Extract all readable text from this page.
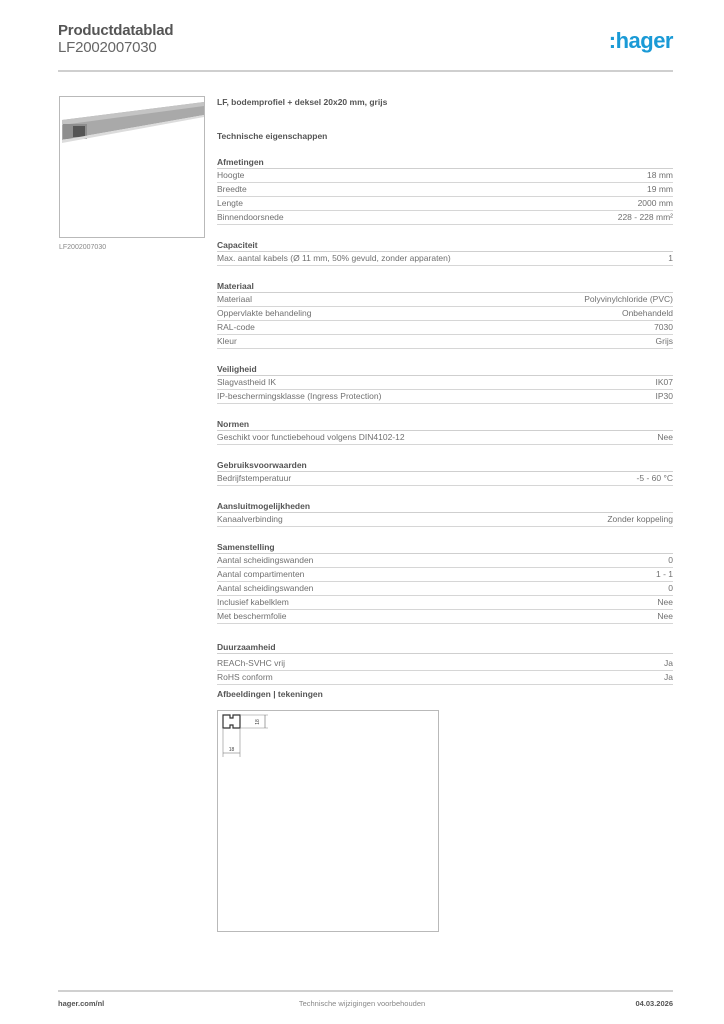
Productdatablad
LF2002007030	:hager
LF2002007030
LF, bodemprofiel + deksel 20x20 mm, grijs
Technische eigenschappen
Afmetingen
Hoogte	18 mm
Breedte	19 mm
Lengte	2000 mm
Binnendoorsnede	228 - 228 mm²
Capaciteit
Max. aantal kabels (Ø 11 mm, 50% gevuld, zonder apparaten)	1
Materiaal
Materiaal	Polyvinylchloride (PVC)
Oppervlakte behandeling	Onbehandeld
RAL-code	7030
Kleur	Grijs
Veiligheid
Slagvastheid IK	IK07
IP-beschermingsklasse (Ingress Protection)	IP30
Normen
Geschikt voor functiebehoud volgens DIN4102-12	Nee
Gebruiksvoorwaarden
Bedrijfstemperatuur	-5 - 60 °C
Aansluitmogelijkheden
Kanaalverbinding	Zonder koppeling
Samenstelling
Aantal scheidingswanden	0
Aantal compartimenten	1 - 1
Aantal scheidingswanden	0
Inclusief kabelklem	Nee
Met beschermfolie	Nee
Duurzaamheid
REACh-SVHC vrij	Ja
RoHS conform	Ja
Afbeeldingen | tekeningen
18
18
Technische wijzigingen voorbehouden
hager.com/nl	04.03.2026
